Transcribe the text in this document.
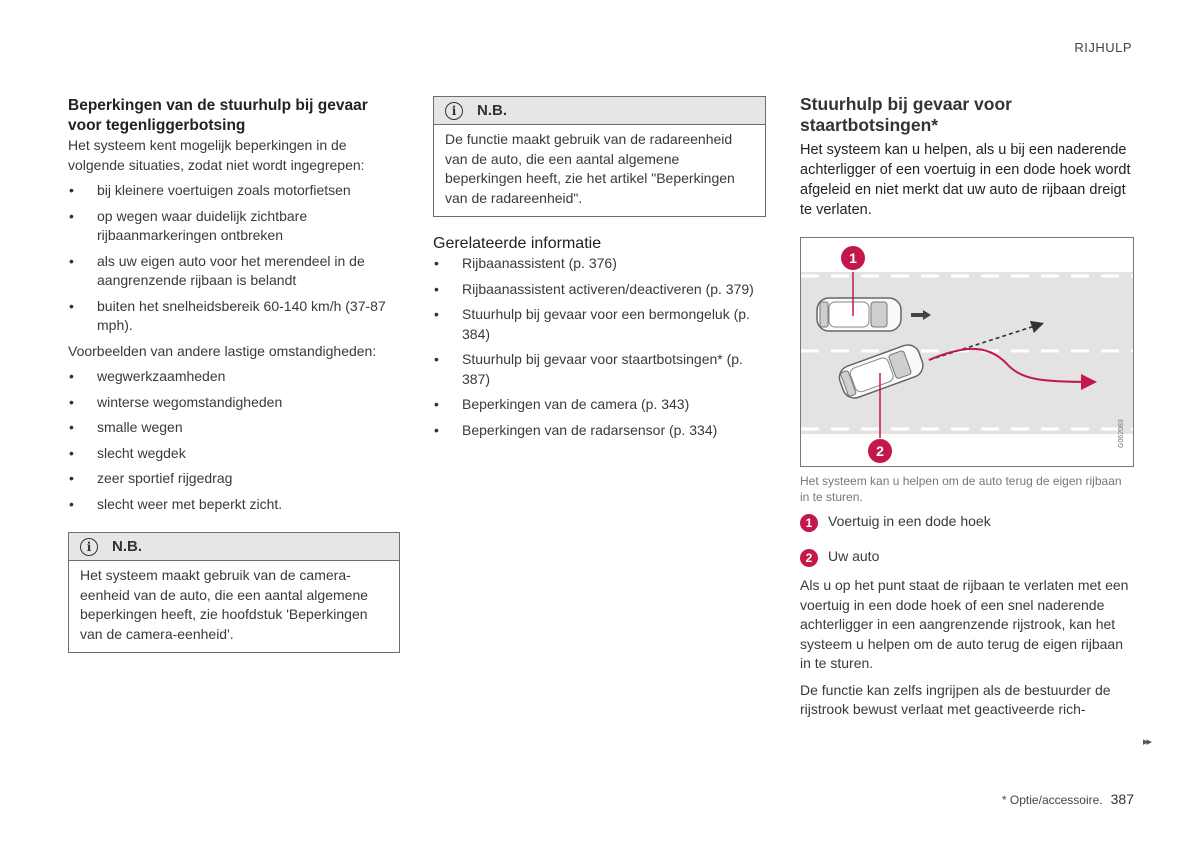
RIJHULP
Beperkingen van de stuurhulp bij gevaar voor tegenliggerbotsing

Het systeem kent mogelijk beperkingen in de volgende situaties, zodat niet wordt ingegrepen:

• bij kleinere voertuigen zoals motorfietsen
• op wegen waar duidelijk zichtbare rijbaanmarkeringen ontbreken
• als uw eigen auto voor het merendeel in de aangrenzende rijbaan is belandt
• buiten het snelheidsbereik 60-140 km/h (37-87 mph).

Voorbeelden van andere lastige omstandigheden:

• wegwerkzaamheden
• winterse wegomstandigheden
• smalle wegen
• slecht wegdek
• zeer sportief rijgedrag
• slecht weer met beperkt zicht.
i	N.B.
Het systeem maakt gebruik van de camera-eenheid van de auto, die een aantal algemene beperkingen heeft, zie hoofdstuk 'Beperkingen van de camera-eenheid'.
i	N.B.
De functie maakt gebruik van de radareenheid van de auto, die een aantal algemene beperkingen heeft, zie het artikel "Beperkingen van de radareenheid".
Gerelateerde informatie
• Rijbaanassistent (p. 376)
• Rijbaanassistent activeren/deactiveren (p. 379)
• Stuurhulp bij gevaar voor een bermongeluk (p. 384)
• Stuurhulp bij gevaar voor staartbotsingen* (p. 387)
• Beperkingen van de camera (p. 343)
• Beperkingen van de radarsensor (p. 334)
Stuurhulp bij gevaar voor staartbotsingen*

Het systeem kan u helpen, als u bij een naderende achterligger of een voertuig in een dode hoek wordt afgeleid en niet merkt dat uw auto de rijbaan dreigt te verlaten.

1
2
G062083
Het systeem kan u helpen om de auto terug de eigen rijbaan in te sturen.
1	Voertuig in een dode hoek
2	Uw auto

Als u op het punt staat de rijbaan te verlaten met een voertuig in een dode hoek of een snel naderende achterligger in een aangrenzende rijstrook, kan het systeem u helpen om de auto terug de eigen rijbaan in te sturen.

De functie kan zelfs ingrijpen als de bestuurder de rijstrook bewust verlaat met geactiveerde rich-

▸▸
* Optie/accessoire. 387
